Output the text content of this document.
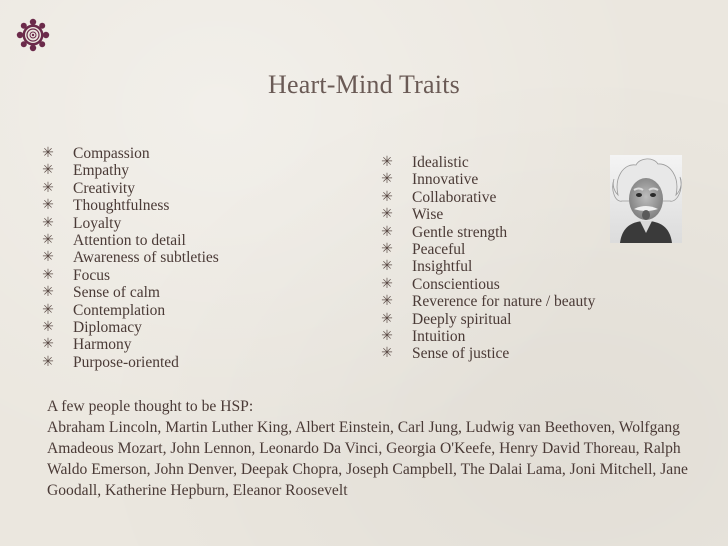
Heart-Mind Traits
✳ Compassion
✳ Empathy
✳ Creativity
✳ Thoughtfulness
✳ Loyalty
✳ Attention to detail
✳ Awareness of subtleties
✳ Focus
✳ Sense of calm
✳ Contemplation
✳ Diplomacy
✳ Harmony
✳ Purpose-oriented
✳ Idealistic
✳ Innovative
✳ Collaborative
✳ Wise
✳ Gentle strength
✳ Peaceful
✳ Insightful
✳ Conscientious
✳ Reverence for nature / beauty
✳ Deeply spiritual
✳ Intuition
✳ Sense of justice
A few people thought to be HSP:
Abraham Lincoln, Martin Luther King, Albert Einstein, Carl Jung, Ludwig van Beethoven, Wolfgang Amadeous Mozart, John Lennon, Leonardo Da Vinci, Georgia O'Keefe, Henry David Thoreau, Ralph Waldo Emerson, John Denver, Deepak Chopra, Joseph Campbell, The Dalai Lama, Joni Mitchell, Jane Goodall, Katherine Hepburn, Eleanor Roosevelt
